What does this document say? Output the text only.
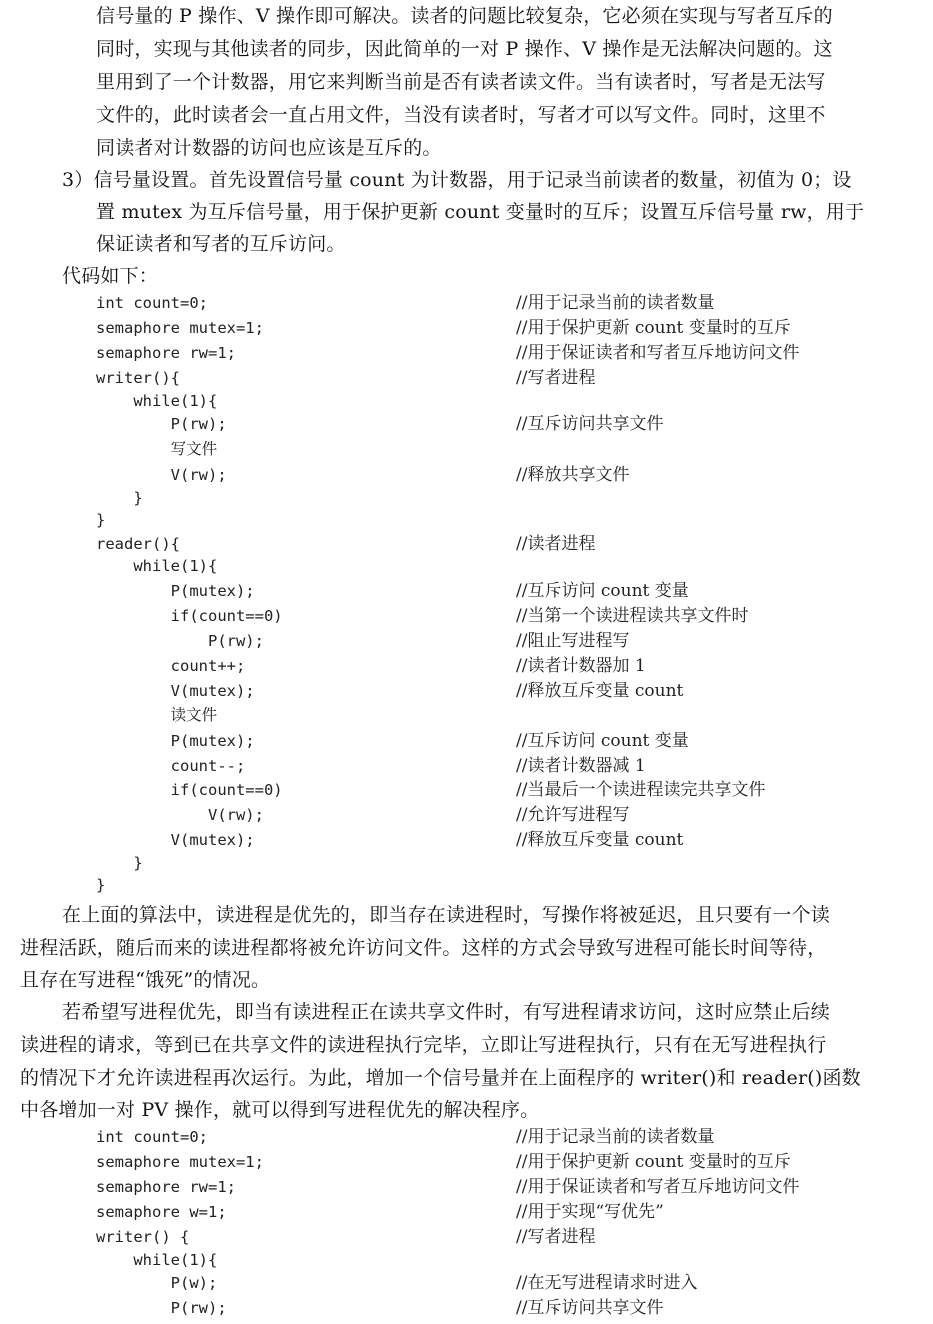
信号量的 P 操作、V 操作即可解决。读者的问题比较复杂，它必须在实现与写者互斥的
同时，实现与其他读者的同步，因此简单的一对 P 操作、V 操作是无法解决问题的。这
里用到了一个计数器，用它来判断当前是否有读者读文件。当有读者时，写者是无法写
文件的，此时读者会一直占用文件，当没有读者时，写者才可以写文件。同时，这里不
同读者对计数器的访问也应该是互斥的。
3）信号量设置。首先设置信号量 count 为计数器，用于记录当前读者的数量，初值为 0；设
置 mutex 为互斥信号量，用于保护更新 count 变量时的互斥；设置互斥信号量 rw，用于
保证读者和写者的互斥访问。
代码如下：
int count=0;	//用于记录当前的读者数量
semaphore mutex=1;	//用于保护更新 count 变量时的互斥
semaphore rw=1;	//用于保证读者和写者互斥地访问文件
writer(){	//写者进程
while(1){
P(rw);	//互斥访问共享文件
写文件
V(rw);	//释放共享文件
}
}
reader(){	//读者进程
while(1){
P(mutex);	//互斥访问 count 变量
if(count==0)	//当第一个读进程读共享文件时
P(rw);	//阻止写进程写
count++;	//读者计数器加 1
V(mutex);	//释放互斥变量 count
读文件
P(mutex);	//互斥访问 count 变量
count--;	//读者计数器减 1
if(count==0)	//当最后一个读进程读完共享文件
V(rw);	//允许写进程写
V(mutex);	//释放互斥变量 count
}
}
在上面的算法中，读进程是优先的，即当存在读进程时，写操作将被延迟，且只要有一个读
进程活跃，随后而来的读进程都将被允许访问文件。这样的方式会导致写进程可能长时间等待，
且存在写进程“饿死”的情况。
若希望写进程优先，即当有读进程正在读共享文件时，有写进程请求访问，这时应禁止后续
读进程的请求，等到已在共享文件的读进程执行完毕，立即让写进程执行，只有在无写进程执行
的情况下才允许读进程再次运行。为此，增加一个信号量并在上面程序的 writer()和 reader()函数
中各增加一对 PV 操作，就可以得到写进程优先的解决程序。
int count=0;	//用于记录当前的读者数量
semaphore mutex=1;	//用于保护更新 count 变量时的互斥
semaphore rw=1;	//用于保证读者和写者互斥地访问文件
semaphore w=1;	//用于实现“写优先”
writer() {	//写者进程
while(1){
P(w);	//在无写进程请求时进入
P(rw);	//互斥访问共享文件
